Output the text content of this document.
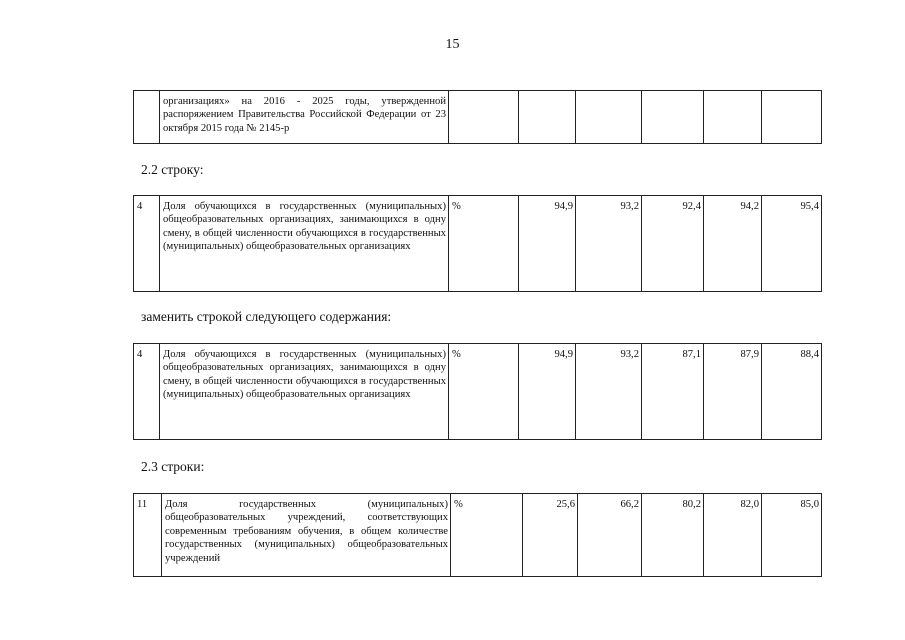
15
	организациях» на 2016 - 2025 годы, утвержденной распоряжением Правительства Российской Федерации от 23 октября 2015 года № 2145-р						
2.2 строку:
4	Доля обучающихся в государственных (муниципальных) общеобразовательных организациях, занимающихся в одну смену, в общей численности обучающихся в государственных (муниципальных) общеобразовательных организациях	%	94,9	93,2	92,4	94,2	95,4
заменить строкой следующего содержания:
4	Доля обучающихся в государственных (муниципальных) общеобразовательных организациях, занимающихся в одну смену, в общей численности обучающихся в государственных (муниципальных) общеобразовательных организациях	%	94,9	93,2	87,1	87,9	88,4
2.3 строки:
11	Доля государственных (муниципальных) общеобразовательных учреждений, соответствующих современным требованиям обучения, в общем количестве государственных (муниципальных) общеобразовательных учреждений	%	25,6	66,2	80,2	82,0	85,0
